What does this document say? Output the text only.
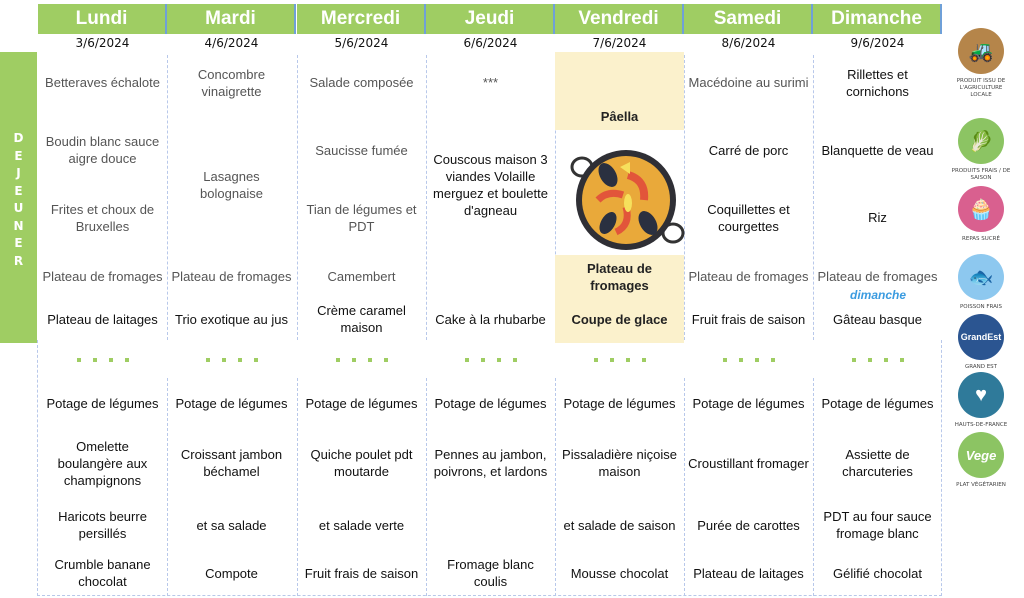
D
E
J
E
U
N
E
R
Lundi
3/6/2024
Betteraves échalote
Boudin blanc sauce aigre douce
Frites et choux de Bruxelles
Plateau de fromages
Plateau de laitages
Potage de légumes
Omelette boulangère aux champignons
Haricots beurre persillés
Crumble banane chocolat
Mardi
4/6/2024
Concombre vinaigrette
Lasagnes bolognaise
Plateau de fromages
Trio exotique au jus
Potage de légumes
Croissant jambon béchamel
et sa salade
Compote
Mercredi
5/6/2024
Salade composée
Saucisse fumée
Tian de légumes et PDT
Camembert
Crème caramel maison
Potage de légumes
Quiche poulet pdt moutarde
et salade verte
Fruit frais de saison
Jeudi
6/6/2024
***
Couscous maison 3 viandes Volaille merguez et boulette d'agneau
Cake à la rhubarbe
Potage de légumes
Pennes au jambon, poivrons, et lardons
Fromage blanc coulis
Vendredi
7/6/2024
Pâella
Plateau de fromages
Coupe de glace
Potage de légumes
Pissaladière niçoise maison
et salade de saison
Mousse chocolat
Samedi
8/6/2024
Macédoine au surimi
Carré de porc
Coquillettes et courgettes
Plateau de fromages
Fruit frais de saison
Potage de légumes
Croustillant fromager
Purée de carottes
Plateau de laitages
Dimanche
9/6/2024
Rillettes et cornichons
Blanquette de veau
Riz
Plateau de fromages
Gâteau basque
Potage de légumes
Assiette de charcuteries
PDT au four sauce fromage blanc
Gélifié chocolat
dimanche
🚜
PRODUIT ISSU DE L'AGRICULTURE LOCALE
🥬
PRODUITS FRAIS / DE SAISON
🧁
REPAS SUCRÉ
🐟
POISSON FRAIS
GrandEst
GRAND EST
♥
HAUTS-DE-FRANCE
Vege
PLAT VÉGÉTARIEN
